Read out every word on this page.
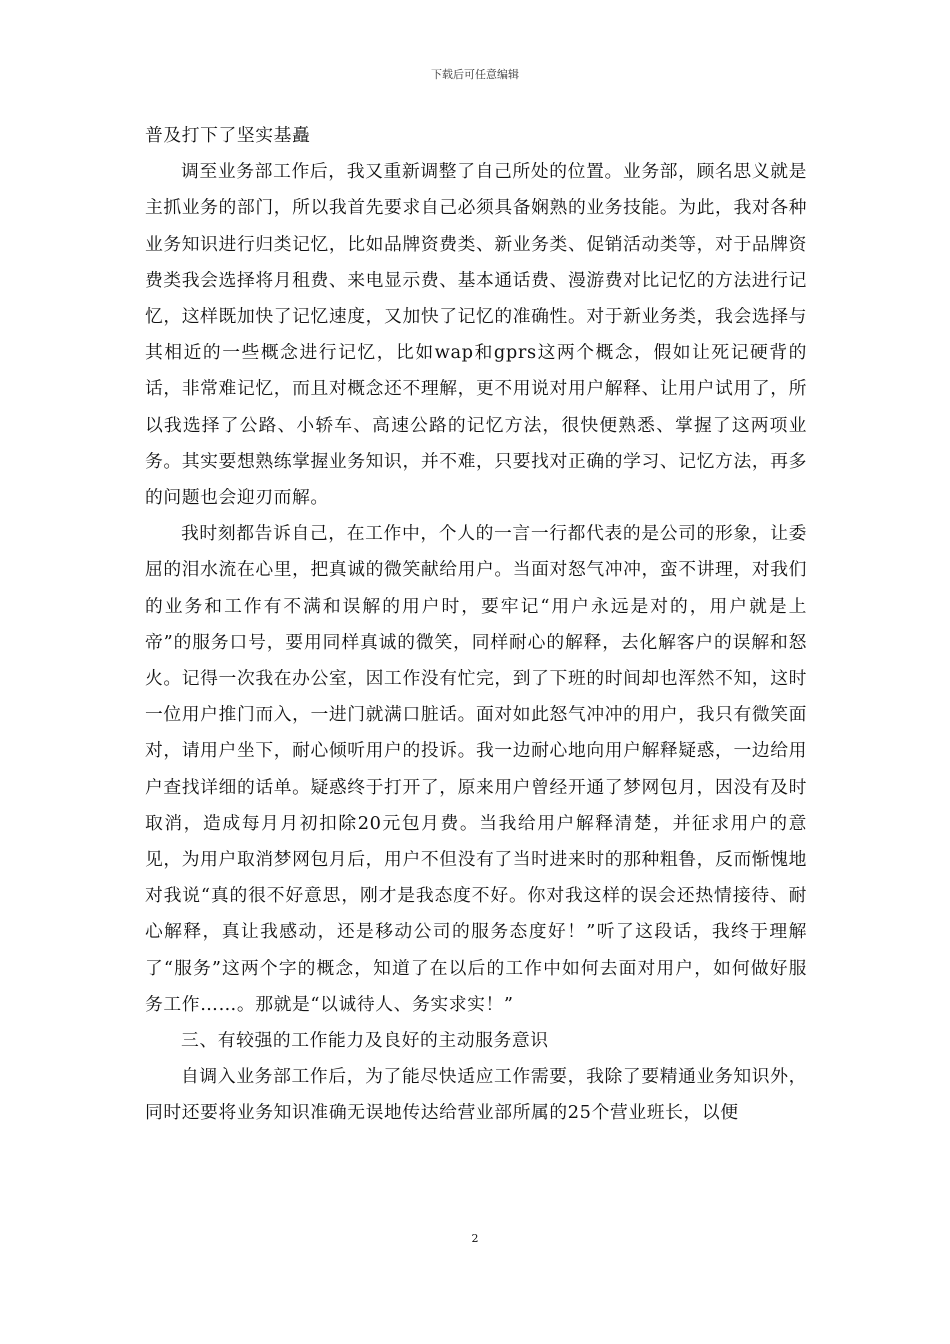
下载后可任意编辑

普及打下了坚实基矗

调至业务部工作后，我又重新调整了自己所处的位置。业务部，顾名思义就是主抓业务的部门，所以我首先要求自己必须具备娴熟的业务技能。为此，我对各种业务知识进行归类记忆，比如品牌资费类、新业务类、促销活动类等，对于品牌资费类我会选择将月租费、来电显示费、基本通话费、漫游费对比记忆的方法进行记忆，这样既加快了记忆速度，又加快了记忆的准确性。对于新业务类，我会选择与其相近的一些概念进行记忆，比如wap和gprs这两个概念，假如让死记硬背的话，非常难记忆，而且对概念还不理解，更不用说对用户解释、让用户试用了，所以我选择了公路、小轿车、高速公路的记忆方法，很快便熟悉、掌握了这两项业务。其实要想熟练掌握业务知识，并不难，只要找对正确的学习、记忆方法，再多的问题也会迎刃而解。

我时刻都告诉自己，在工作中，个人的一言一行都代表的是公司的形象，让委屈的泪水流在心里，把真诚的微笑献给用户。当面对怒气冲冲，蛮不讲理，对我们的业务和工作有不满和误解的用户时，要牢记“用户永远是对的，用户就是上帝”的服务口号，要用同样真诚的微笑，同样耐心的解释，去化解客户的误解和怒火。记得一次我在办公室，因工作没有忙完，到了下班的时间却也浑然不知，这时一位用户推门而入，一进门就满口脏话。面对如此怒气冲冲的用户，我只有微笑面对，请用户坐下，耐心倾听用户的投诉。我一边耐心地向用户解释疑惑，一边给用户查找详细的话单。疑惑终于打开了，原来用户曾经开通了梦网包月，因没有及时取消，造成每月月初扣除20元包月费。当我给用户解释清楚，并征求用户的意见，为用户取消梦网包月后，用户不但没有了当时进来时的那种粗鲁，反而惭愧地对我说“真的很不好意思，刚才是我态度不好。你对我这样的误会还热情接待、耐心解释，真让我感动，还是移动公司的服务态度好！”听了这段话，我终于理解了“服务”这两个字的概念，知道了在以后的工作中如何去面对用户，如何做好服务工作……。那就是“以诚待人、务实求实！”

三、有较强的工作能力及良好的主动服务意识

自调入业务部工作后，为了能尽快适应工作需要，我除了要精通业务知识外，同时还要将业务知识准确无误地传达给营业部所属的25个营业班长，以便

2
